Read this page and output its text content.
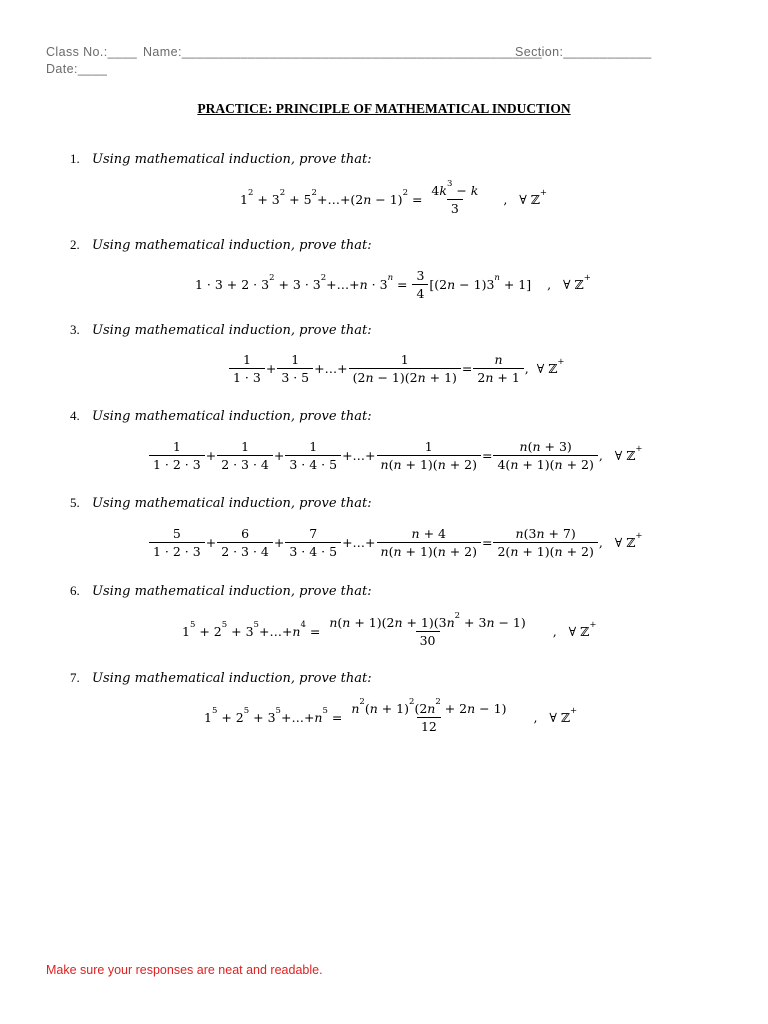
Class No.:____ Name:_________________________________________________
Section:____________
Date:____
PRACTICE: PRINCIPLE OF MATHEMATICAL INDUCTION
1. Using mathematical induction, prove that:
$1^2 + 3^2$ + $5^2+\dots+(2n - 1)^2 = \frac{4k^3 - k}{3}$ ,   ∀ ℤ+
2. Using mathematical induction, prove that:
$1 \cdot 3 + 2 \cdot 3^2 + 3$ · $3^2+\dots+n \cdot 3^n = \frac{3}{4} [(2n - 1)3^n + 1]$ ,   ∀ ℤ+
3. Using mathematical induction, prove that:
1
1 · 3
+ $\frac{1}{3 \cdot 5}$ +…+ $\frac{1}{(2n - 1)(2n + 1)} = \frac{n}{2n + 1}$ ,  ∀ ℤ+
4. Using mathematical induction, prove that:
1
1 · 2 · 3
+ $\frac{1}{2 \cdot 3 \cdot 4} + \frac{1}{3 \cdot 4 \cdot 5}$ +…+ $\frac{1}{n(n + 1)(n + 2)} = \frac{n(n + 3)}{4(n + 1)(n + 2)}$ ,   ∀ ℤ+
5. Using mathematical induction, prove that:
5
1 · 2 · 3
+ $\frac{6}{2 \cdot 3 \cdot 4} + \frac{7}{3 \cdot 4 \cdot 5}$ +…+ $\frac{n + 4}{n(n + 1)(n + 2)} = \frac{n(3n + 7)}{2(n + 1)(n + 2)}$ ,   ∀ ℤ+
6. Using mathematical induction, prove that:
$1^5 + 2^5$ + $3^5+\dots+n^4 = \frac{n(n + 1)(2n + 1)(3n^2 + 3n - 1)}{30}$ ,   ∀ ℤ+
7. Using mathematical induction, prove that:
$1^5 + 2^5$ + $3^5+\dots+n^5 = \frac{n^2(n + 1)^2(2n^2 + 2n - 1)}{12}$ ,   ∀ ℤ+
Make sure your responses are neat and readable.
